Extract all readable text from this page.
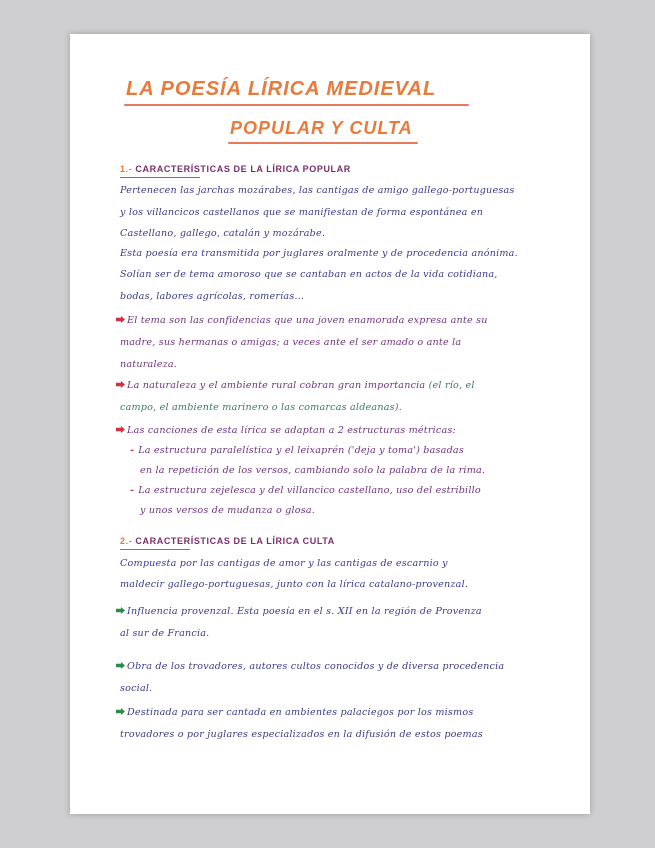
LA POESÍA LÍRICA MEDIEVAL
POPULAR Y CULTA
1.- CARACTERÍSTICAS DE LA LÍRICA POPULAR
Pertenecen las jarchas mozárabes, las cantigas de amigo gallego-portuguesas
y los villancicos castellanos que se manifiestan de forma espontánea en
Castellano, gallego, catalán y mozárabe.
Esta poesía era transmitida por juglares oralmente y de procedencia anónima.
Solían ser de tema amoroso que se cantaban en actos de la vida cotidiana,
bodas, labores agrícolas, romerías...
El tema son las confidencias que una joven enamorada expresa ante su
madre, sus hermanas o amigas; a veces ante el ser amado o ante la
naturaleza.
La naturaleza y el ambiente rural cobran gran importancia (el río, el
campo, el ambiente marinero o las comarcas aldeanas).
Las canciones de esta lírica se adaptan a 2 estructuras métricas:
- La estructura paralelística y el leixaprén ('deja y toma') basadas
en la repetición de los versos, cambiando solo la palabra de la rima.
- La estructura zejelesca y del villancico castellano, uso del estribillo
y unos versos de mudanza o glosa.
2.- CARACTERÍSTICAS DE LA LÍRICA CULTA
Compuesta por las cantigas de amor y las cantigas de escarnio y
maldecir gallego-portuguesas, junto con la lírica catalano-provenzal.
Influencia provenzal. Esta poesía en el s. XII en la región de Provenza
al sur de Francia.
Obra de los trovadores, autores cultos conocidos y de diversa procedencia
social.
Destinada para ser cantada en ambientes palaciegos por los mismos
trovadores o por juglares especializados en la difusión de estos poemas
